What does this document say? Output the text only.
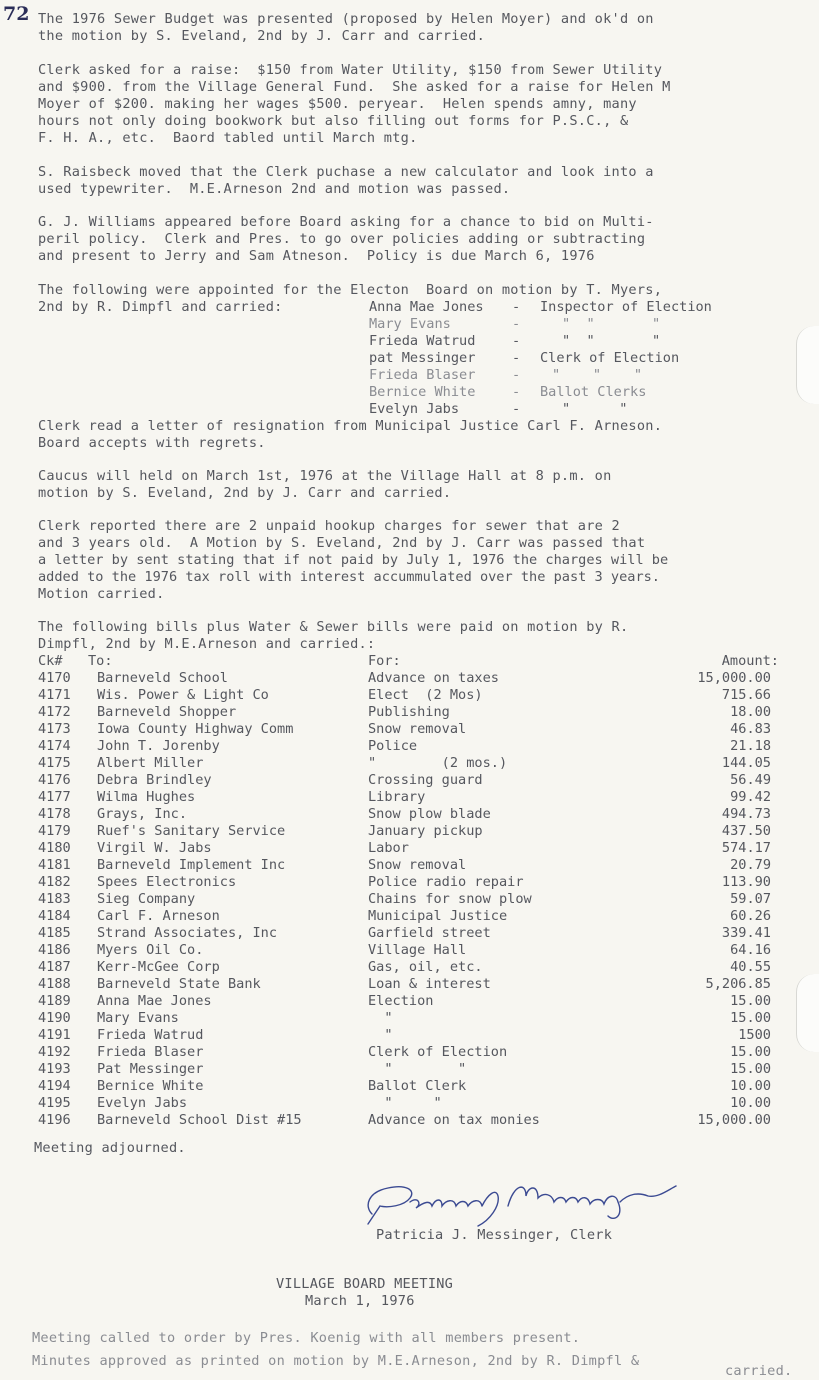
72 The 1976 Sewer Budget was presented (proposed by Helen Moyer) and ok'd on
the motion by S. Eveland, 2nd by J. Carr and carried.
Clerk asked for a raise:  $150 from Water Utility, $150 from Sewer Utility
and $900. from the Village General Fund.  She asked for a raise for Helen M
Moyer of $200. making her wages $500. peryear.  Helen spends amny, many
hours not only doing bookwork but also filling out forms for P.S.C., &
F. H. A., etc.  Baord tabled until March mtg.
S. Raisbeck moved that the Clerk puchase a new calculator and look into a
used typewriter.  M.E.Arneson 2nd and motion was passed.
G. J. Williams appeared before Board asking for a chance to bid on Multi-
peril policy.  Clerk and Pres. to go over policies adding or subtracting
and present to Jerry and Sam Atneson.  Policy is due March 6, 1976
The following were appointed for the Electon  Board on motion by T. Myers,
2nd by R. Dimpfl and carried:	Anna Mae Jones - Inspector of Election
Mary Evans	-	"  "       "
Frieda Watrud	-	"  "       "
pat Messinger	- Clerk of Election
Frieda Blaser	- "    "    "
Bernice White	- Ballot Clerks
Evelyn Jabs	-	"      "
Clerk read a letter of resignation from Municipal Justice Carl F. Arneson.
Board accepts with regrets.
Caucus will held on March 1st, 1976 at the Village Hall at 8 p.m. on
motion by S. Eveland, 2nd by J. Carr and carried.
Clerk reported there are 2 unpaid hookup charges for sewer that are 2
and 3 years old.  A Motion by S. Eveland, 2nd by J. Carr was passed that
a letter by sent stating that if not paid by July 1, 1976 the charges will be
added to the 1976 tax roll with interest accummulated over the past 3 years.
Motion carried.
The following bills plus Water & Sewer bills were paid on motion by R.
Dimpfl, 2nd by M.E.Arneson and carried.:
Ck# To:	For:	Amount:
4170 Barneveld School	Advance on taxes	15,000.00
4171 Wis. Power & Light Co	Elect  (2 Mos)	715.66
4172 Barneveld Shopper	Publishing	18.00
4173 Iowa County Highway Comm	Snow removal	46.83
4174 John T. Jorenby	Police	21.18
4175 Albert Miller	"        (2 mos.)	144.05
4176 Debra Brindley	Crossing guard	56.49
4177 Wilma Hughes	Library	99.42
4178 Grays, Inc.	Snow plow blade	494.73
4179 Ruef's Sanitary Service	January pickup	437.50
4180 Virgil W. Jabs	Labor	574.17
4181 Barneveld Implement Inc	Snow removal	20.79
4182 Spees Electronics	Police radio repair	113.90
4183 Sieg Company	Chains for snow plow	59.07
4184 Carl F. Arneson	Municipal Justice	60.26
4185 Strand Associates, Inc	Garfield street	339.41
4186 Myers Oil Co.	Village Hall	64.16
4187 Kerr-McGee Corp	Gas, oil, etc.	40.55
4188 Barneveld State Bank	Loan & interest	5,206.85
4189 Anna Mae Jones	Election	15.00
4190 Mary Evans	"	15.00
4191 Frieda Watrud	"	1500
4192 Frieda Blaser	Clerk of Election	15.00
4193 Pat Messinger	"        "	15.00
4194 Bernice White	Ballot Clerk	10.00
4195 Evelyn Jabs	"     "	10.00
4196 Barneveld School Dist #15	Advance on tax monies	15,000.00
Meeting adjourned.
Patricia J. Messinger, Clerk
VILLAGE BOARD MEETING
March 1, 1976
Meeting called to order by Pres. Koenig with all members present.
Minutes approved as printed on motion by M.E.Arneson, 2nd by R. Dimpfl &
carried.
